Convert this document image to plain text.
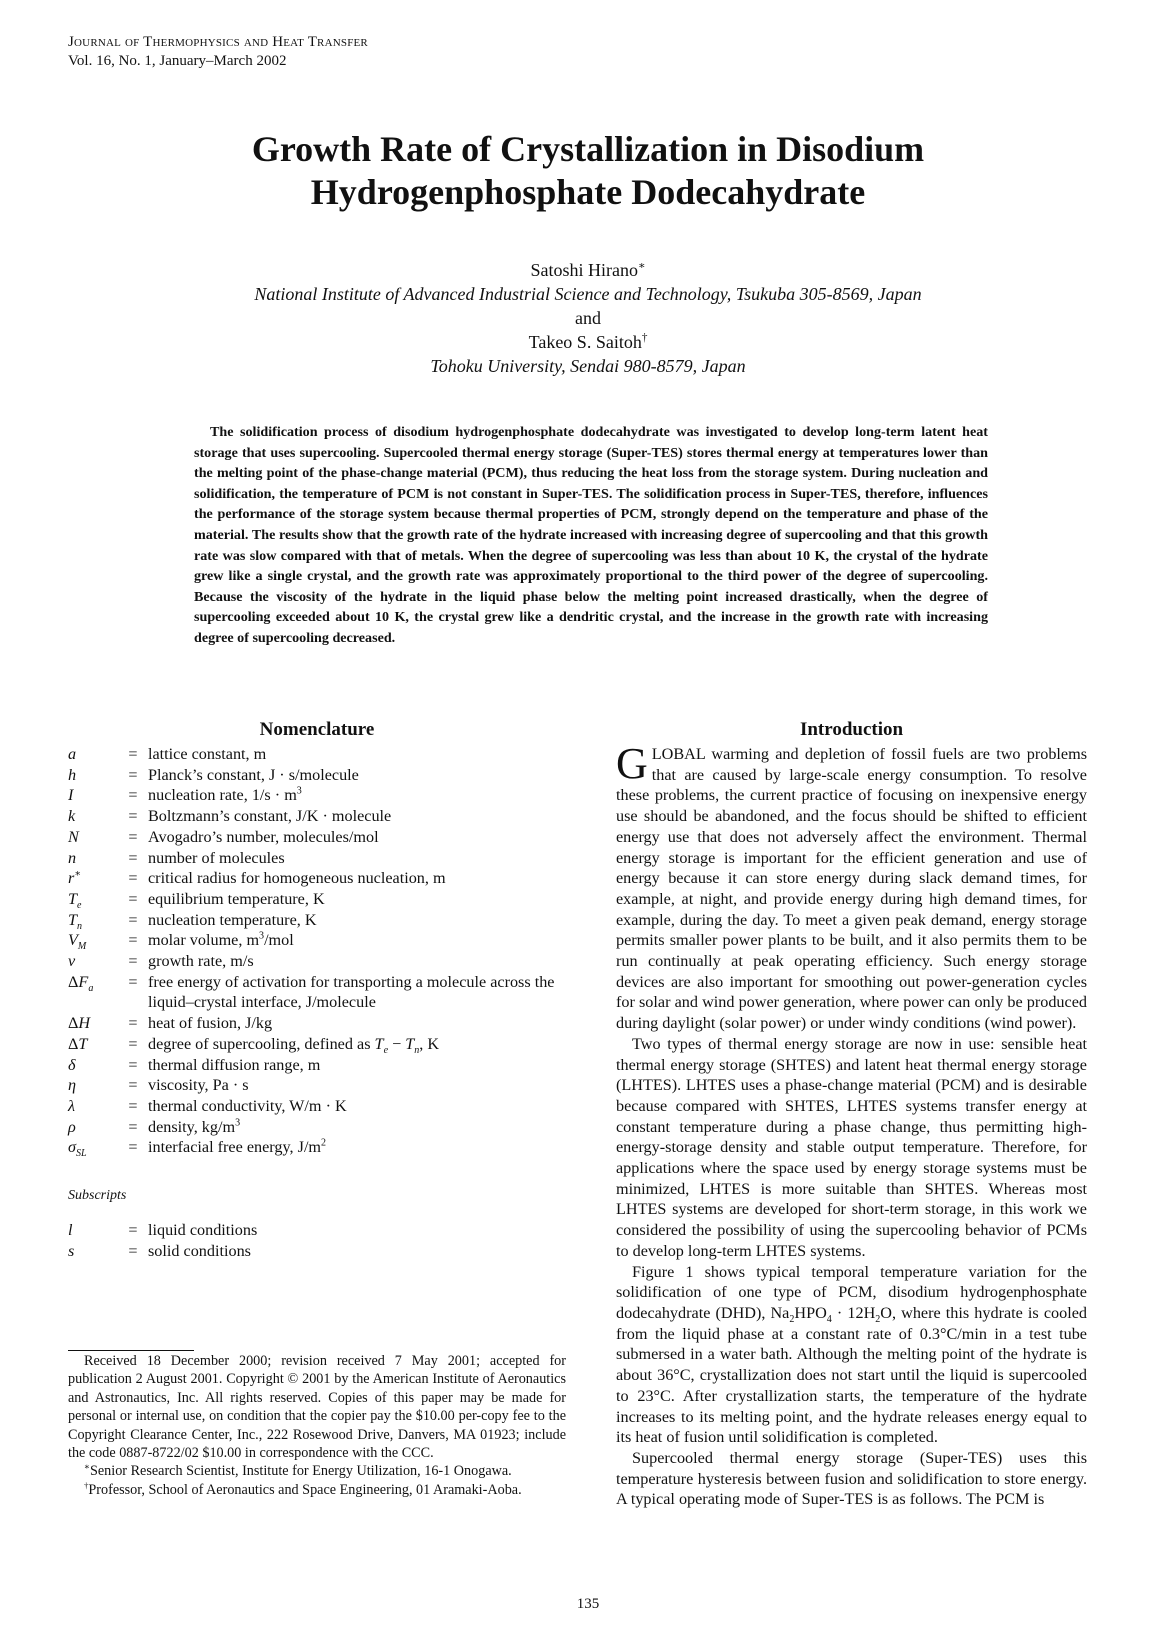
Journal of Thermophysics and Heat Transfer
Vol. 16, No. 1, January–March 2002
Growth Rate of Crystallization in Disodium
Hydrogenphosphate Dodecahydrate
Satoshi Hirano∗
National Institute of Advanced Industrial Science and Technology, Tsukuba 305-8569, Japan
and
Takeo S. Saitoh†
Tohoku University, Sendai 980-8579, Japan
The solidification process of disodium hydrogenphosphate dodecahydrate was investigated to develop long-term latent heat storage that uses supercooling. Supercooled thermal energy storage (Super-TES) stores thermal energy at temperatures lower than the melting point of the phase-change material (PCM), thus reducing the heat loss from the storage system. During nucleation and solidification, the temperature of PCM is not constant in Super-TES. The solidification process in Super-TES, therefore, influences the performance of the storage system because thermal properties of PCM, strongly depend on the temperature and phase of the material. The results show that the growth rate of the hydrate increased with increasing degree of supercooling and that this growth rate was slow compared with that of metals. When the degree of supercooling was less than about 10 K, the crystal of the hydrate grew like a single crystal, and the growth rate was approximately proportional to the third power of the degree of supercooling. Because the viscosity of the hydrate in the liquid phase below the melting point increased drastically, when the degree of supercooling exceeded about 10 K, the crystal grew like a dendritic crystal, and the increase in the growth rate with increasing degree of supercooling decreased.
Nomenclature
a	=	lattice constant, m
h	=	Planck’s constant, J · s/molecule
I	=	nucleation rate, $1/s \cdot m^3$
k	=	Boltzmann’s constant, J/K · molecule
N	=	Avogadro’s number, molecules/mol
n	=	number of molecules
r∗	=	critical radius for homogeneous nucleation, m
$T_e$	=	equilibrium temperature, K
$T_n$	=	nucleation temperature, K
$V_M$	=	molar volume, $m^3$/mol
v	=	growth rate, m/s
$\Delta F_a$	=	free energy of activation for transporting a molecule across the liquid–crystal interface, J/molecule
ΔH	=	heat of fusion, J/kg
ΔT	=	degree of supercooling, defined as $T_e - T_n$, K
δ	=	thermal diffusion range, m
η	=	viscosity, Pa · s
λ	=	thermal conductivity, W/m · K
ρ	=	density, $kg/m^3$
$\sigma_{SL}$	=	interfacial free energy, $J/m^2$
Subscripts
l	=	liquid conditions
s	=	solid conditions
Introduction

GLOBAL warming and depletion of fossil fuels are two problems that are caused by large-scale energy consumption. To resolve these problems, the current practice of focusing on inexpensive energy use should be abandoned, and the focus should be shifted to efficient energy use that does not adversely affect the environment. Thermal energy storage is important for the efficient generation and use of energy because it can store energy during slack demand times, for example, at night, and provide energy during high demand times, for example, during the day. To meet a given peak demand, energy storage permits smaller power plants to be built, and it also permits them to be run continually at peak operating efficiency. Such energy storage devices are also important for smoothing out power-generation cycles for solar and wind power generation, where power can only be produced during daylight (solar power) or under windy conditions (wind power).

Two types of thermal energy storage are now in use: sensible heat thermal energy storage (SHTES) and latent heat thermal energy storage (LHTES). LHTES uses a phase-change material (PCM) and is desirable because compared with SHTES, LHTES systems transfer energy at constant temperature during a phase change, thus permitting high-energy-storage density and stable output temperature. Therefore, for applications where the space used by energy storage systems must be minimized, LHTES is more suitable than SHTES. Whereas most LHTES systems are developed for short-term storage, in this work we considered the possibility of using the supercooling behavior of PCMs to develop long-term LHTES systems.

Figure 1 shows typical temporal temperature variation for the solidification of one type of PCM, disodium hydrogenphosphate dodecahydrate (DHD), $Na_2HPO_4 \cdot 12H_2O$, where this hydrate is cooled from the liquid phase at a constant rate of 0.3°C/min in a test tube submersed in a water bath. Although the melting point of the hydrate is about 36°C, crystallization does not start until the liquid is supercooled to 23°C. After crystallization starts, the temperature of the hydrate increases to its melting point, and the hydrate releases energy equal to its heat of fusion until solidification is completed.

Supercooled thermal energy storage (Super-TES) uses this temperature hysteresis between fusion and solidification to store energy. A typical operating mode of Super-TES is as follows. The PCM is

Received 18 December 2000; revision received 7 May 2001; accepted for publication 2 August 2001. Copyright © 2001 by the American Institute of Aeronautics and Astronautics, Inc. All rights reserved. Copies of this paper may be made for personal or internal use, on condition that the copier pay the $10.00 per-copy fee to the Copyright Clearance Center, Inc., 222 Rosewood Drive, Danvers, MA 01923; include the code 0887-8722/02 $10.00 in correspondence with the CCC.

∗Senior Research Scientist, Institute for Energy Utilization, 16-1 Onogawa.

†Professor, School of Aeronautics and Space Engineering, 01 Aramaki-Aoba.

135
